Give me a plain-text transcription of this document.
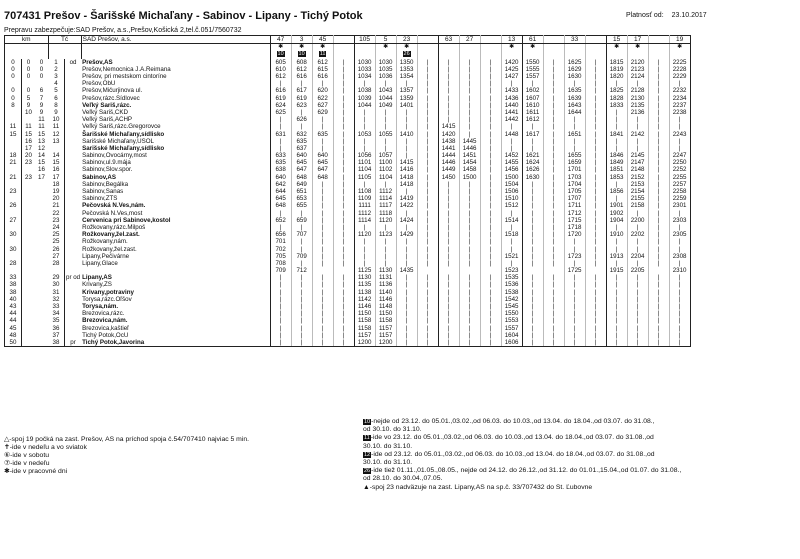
707431 Prešov - Šarišské Michaľany - Sabinov - Lipany - Tichý Potok	Platnosť od: 23.10.2017
Prepravu zabezpečuje:SAD Prešov, a.s.,Prešov,Košická 2,tel.č.051/7560732
km			Tč		SAD Prešov, a.s.	47	3	45		105	5	23		63	27		13	61		33		15	17		19
						✱	✱	✱			✱	✱					✱	✱				✱	✱		✱
						10	10	11				26													
0	0	0	1	od	Prešov,AS	605	608	612	|	1030	1030	1350	|	|	|	|	1420	1550	|	1625	|	1815	2120	|	2225
0	0	0	2		Prešov,Nemocnica J.A.Reimana	610	612	615	|	1033	1035	1353	|	|	|	|	1425	1555	|	1629	|	1819	2123	|	2228
0	0	0	3		Prešov, pri mestskom cintoríne	612	616	616	|	1034	1036	1354	|	|	|	|	1427	1557	|	1630	|	1820	2124	|	2229
			4		Prešov,ObÚ	|	|	|	|	|	|	|	|	|	|	|	|	|	|	|	|	|	|	|	|
0	0	6	5		Prešov,Mičurjinova ul.	616	617	620	|	1038	1043	1357	|	|	|	|	1433	1602	|	1635	|	1825	2128	|	2232
0	5	7	6		Prešov,rázc.Sídlovec	619	619	622	|	1039	1044	1359	|	|	|	|	1436	1607	|	1639	|	1828	2130	|	2234
8	9	9	8		Veľký Šariš,rázc.	624	623	627	|	1044	1049	1401	|	|	|	|	1440	1610	|	1643	|	1833	2135	|	2237
	10	9	9		Veľký Šariš,ČKD	625	|	629	|	|	|	|	|	|	|	|	1441	1611	|	1644	|	|	2136	|	2238
		11	10		Veľký Šariš,ACHP	|	626	|	|	|	|	|	|	|	|	|	1442	1612	|	|	|	|	|	|	|
11	11	11	11		Veľký Šariš,rázc.Gregorovce	|	|	|	|	|	|	|	|	1415	|	|	|	|	|	|	|	|	|	|	|
15	15	15	12		Šarišské Michaľany,sídlisko	631	632	635	|	1053	1055	1410	|	1420	|	|	1448	1617	|	1651	|	1841	2142	|	2243
	16	13	13		Šarišské Michaľany,USOL	|	635	|	|	|	|	|	|	1438	1445	|	|	|	|	|	|	|	|	|	|
	17	12			Šarišské Michaľany,sídlisko	|	637	|	|	|	|	|	|	1441	1446	|	|	|	|	|	|	|	|	|	|
18	20	14	14		Sabinov,Ovocárny,most	633	640	640	|	1056	1057	|	|	1444	1451	|	1452	1621	|	1655	|	1846	2145	|	2247
21	23	15	15		Sabinov,ul.9.mája	635	645	645	|	1101	1100	1415	|	1446	1454	|	1455	1624	|	1659	|	1849	2147	|	2250
		16	16		Sabinov,Slov.spor.	638	647	647	|	1104	1102	1416	|	1449	1458	|	1456	1626	|	1701	|	1851	2148	|	2252
21	23	17	17		Sabinov,AS	640	648	648	|	1105	1104	1418	|	1450	1500	|	1500	1630	|	1703	|	1853	2152	|	2255
			18		Sabinov,Begálka	642	649	|	|	|	|	1418	|	|	|	|	1504	|	|	1704	|	|	2153	|	2257
23			19		Sabinov,Šanas	644	651	|	|	1108	1112	|	|	|	|	|	1506	|	|	1705	|	1856	2154	|	2258
			20		Sabinov,ZTS	645	653	|	|	1109	1114	1419	|	|	|	|	1510	|	|	1707	|	|	2155	|	2259
26			21		Pečovská N.Ves,nám.	648	655	|	|	1111	1117	1422	|	|	|	|	1512	|	|	1711	|	1901	2158	|	2301
			22		Pečovská N.Ves,most	|	|	|	|	1112	1118	|	|	|	|	|	|	|	|	1712	|	1902	|	|	|
27			23		Červenica pri Sabinove,kostol	652	659	|	|	1114	1120	1424	|	|	|	|	1514	|	|	1715	|	1904	2200	|	2303
			24		Rožkovany,rázc.Milpoš	|	|	|	|	|	|	|	|	|	|	|	|	|	|	1718	|	|	|	|	|
30			25		Rožkovany,žel.zast.	656	707	|	|	1120	1123	1429	|	|	|	|	1518	|	|	1720	|	1910	2202	|	2305
			25		Rožkovany,nám.	701	|	|	|	|	|	|	|	|	|	|	|	|	|	|	|	|	|	|	|
30			26		Rožkovany,žel.zast.	702	|	|	|	|	|	|	|	|	|	|	|	|	|	|	|	|	|	|	|
			27		Lipany,Pečivárne	705	709	|	|	|	|	|	|	|	|	|	1521	|	|	1723	|	1913	2204	|	2308
28			28		Lipany,Glace	708	|	|	|	|	|	|	|	|	|	|	|	|	|	|	|	|	|	|	|
						709	712			1125	1130	1435					1523			1725		1915	2205		2310
33			29	pr od	Lipany,AS	|	|	|	|	1130	1131	|	|	|	|	|	1535	|	|	|	|	|	|	|	|
38			30		Krivany,ZŠ	|	|	|	|	1135	1136	|	|	|	|	|	1536	|	|	|	|	|	|	|	|
38			31		Krivany,potraviny	|	|	|	|	1138	1140	|	|	|	|	|	1538	|	|	|	|	|	|	|	|
40			32		Torysa,rázc.Oľšov	|	|	|	|	1142	1146	|	|	|	|	|	1542	|	|	|	|	|	|	|	|
43			33		Torysa,nám.	|	|	|	|	1146	1148	|	|	|	|	|	1545	|	|	|	|	|	|	|	|
44			34		Brezovica,rázc.	|	|	|	|	1150	1150	|	|	|	|	|	1550	|	|	|	|	|	|	|	|
44			35		Brezovica,nám.	|	|	|	|	1158	1158	|	|	|	|	|	1553	|	|	|	|	|	|	|	|
45			36		Brezovica,kaštieľ	|	|	|	|	1158	1157	|	|	|	|	|	1557	|	|	|	|	|	|	|	|
48			37		Tichý Potok,OcÚ	|	|	|	|	1157	1157	|	|	|	|	|	1604	|	|	|	|	|	|	|	|
50			38	pr	Tichý Potok,Javorina	|	|	|	|	1200	1200	|	|	|	|	|	1606	|	|	|	|	|	|	|	|
△-spoj 19 počká na zast. Prešov, AS na príchod spoja č.54/707410 najviac 5 min.
✝-ide v nedeľu a vo sviatok
⑥-ide v sobotu
⑦-ide v nedeľu
✱-ide v pracovné dni
10-nejde od 23.12. do 05.01.,03.02.,od 06.03. do 10.03.,od 13.04. do 18.04.,od 03.07. do 31.08.,
od 30.10. do 31.10.
11-ide vo 23.12. do 05.01.,03.02.,od 06.03. do 10.03.,od 13.04. do 18.04.,od 03.07. do 31.08.,od
30.10. do 31.10.
12-ide od 23.12. do 05.01.,03.02.,od 06.03. do 10.03.,od 13.04. do 18.04.,od 03.07. do 31.08.,od
30.10. do 31.10.
26-ide tiež 01.11.,01.05.,08.05., nejde od 24.12. do 26.12.,od 31.12. do 01.01.,15.04.,od 01.07. do 31.08.,
od 28.10. do 30.04.,07.05.
▲-spoj 23 nadväzuje na zast. Lipany,AS na sp.č. 33/707432 do St. Ľubovne
